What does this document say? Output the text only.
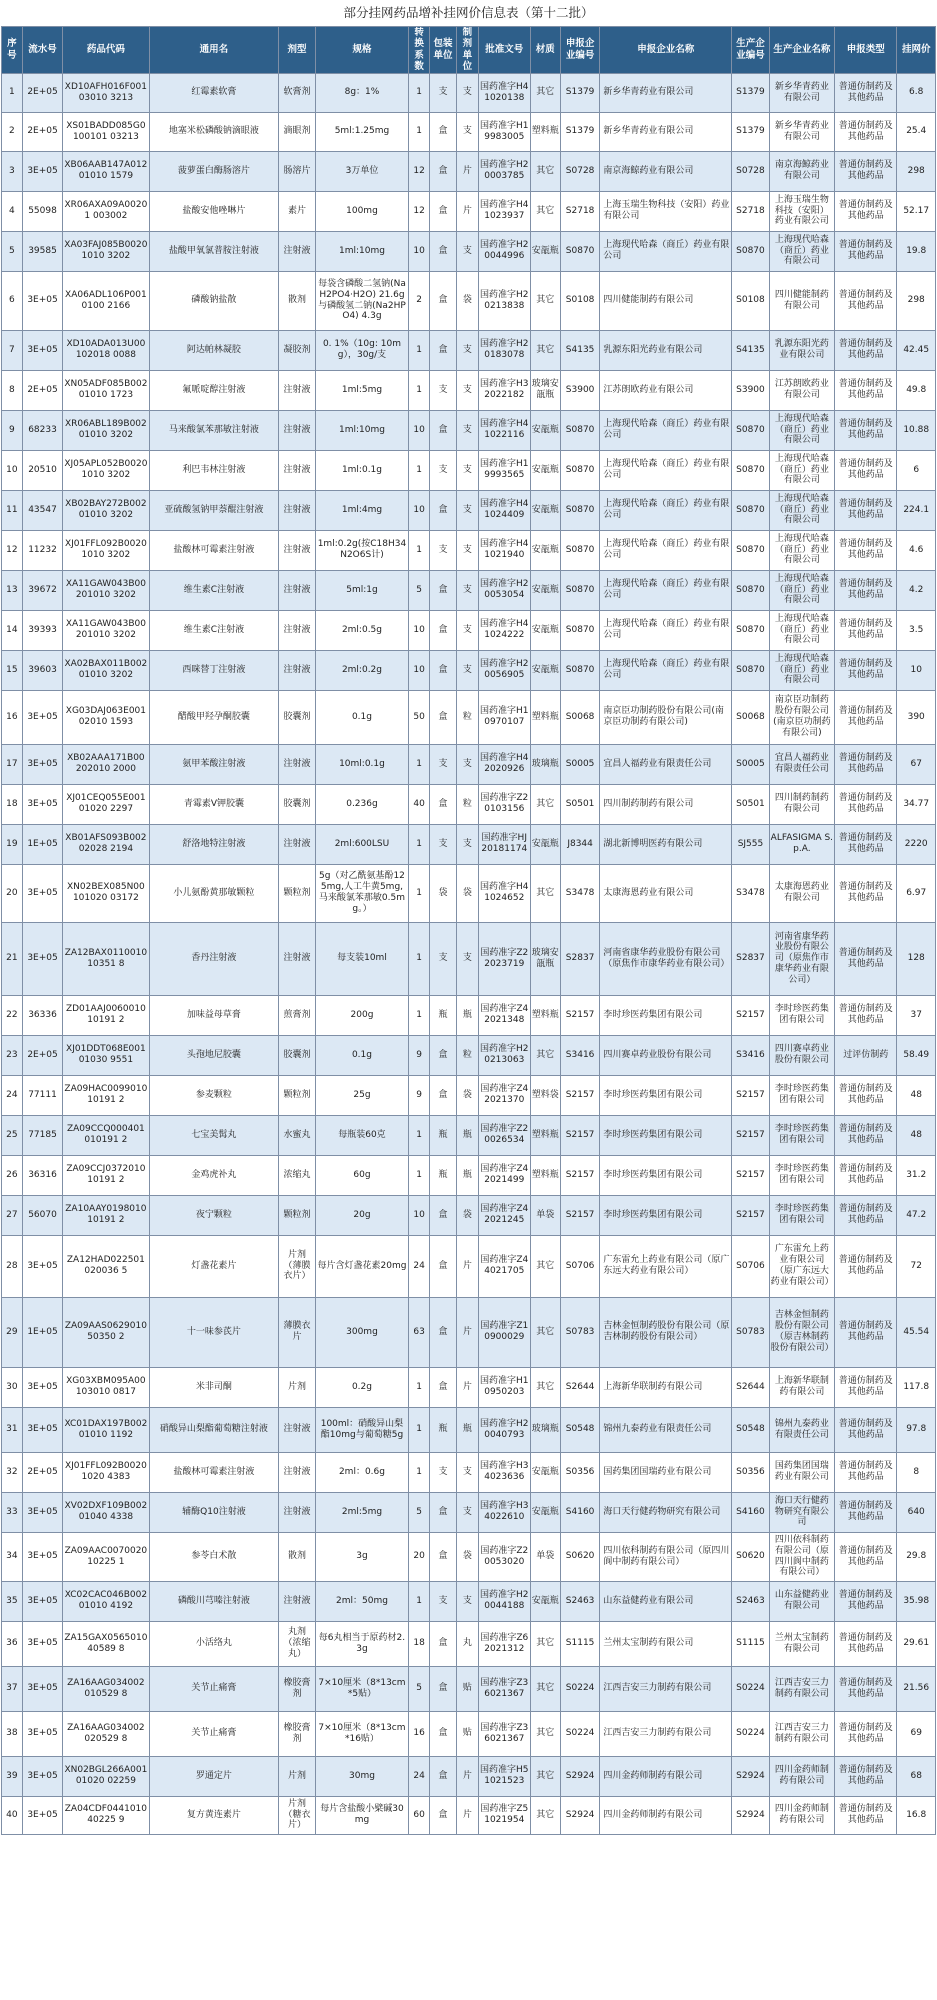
部分挂网药品增补挂网价信息表（第十二批）
序号	流水号	药品代码	通用名	剂型	规格	转换系数	包装单位	制剂单位	批准文号	材质	申报企业编号	申报企业名称	生产企业编号	生产企业名称	申报类型	挂网价
1	2E+05	XD10AFH016F00103010 3213	红霉素软膏	软膏剂	8g：1%	1	支	支	国药准字H41020138	其它	S1379	新乡华青药业有限公司	S1379	新乡华青药业有限公司	普通仿制药及其他药品	6.8
2	2E+05	XS01BADD085G0100101 03213	地塞米松磷酸钠滴眼液	滴眼剂	5ml:1.25mg	1	盒	支	国药准字H19983005	塑料瓶	S1379	新乡华青药业有限公司	S1379	新乡华青药业有限公司	普通仿制药及其他药品	25.4
3	3E+05	XB06AAB147A01201010 1579	菠萝蛋白酶肠溶片	肠溶片	3万单位	12	盒	片	国药准字H20003785	其它	S0728	南京海鲸药业有限公司	S0728	南京海鲸药业有限公司	普通仿制药及其他药品	298
4	55098	XR06AXA09A00201 003002	盐酸安他唑啉片	素片	100mg	12	盒	片	国药准字H41023937	其它	S2718	上海玉瑞生物科技（安阳）药业有限公司	S2718	上海玉瑞生物科技（安阳）药业有限公司	普通仿制药及其他药品	52.17
5	39585	XA03FAJ085B00201010 3202	盐酸甲氧氯普胺注射液	注射液	1ml:10mg	10	盒	支	国药准字H20044996	安瓿瓶	S0870	上海现代哈森（商丘）药业有限公司	S0870	上海现代哈森（商丘）药业有限公司	普通仿制药及其他药品	19.8
6	3E+05	XA06ADL106P0010100 2166	磷酸钠盐散	散剂	每袋含磷酸二氢钠(NaH2PO4·H2O) 21.6g与磷酸氢二钠(Na2HPO4) 4.3g	2	盒	袋	国药准字H20213838	其它	S0108	四川健能制药有限公司	S0108	四川健能制药有限公司	普通仿制药及其他药品	298
7	3E+05	XD10ADA013U00102018 0088	阿达帕林凝胶	凝胶剂	0. 1%（10g: 10mg），30g/支	1	盒	支	国药准字H20183078	其它	S4135	乳源东阳光药业有限公司	S4135	乳源东阳光药业有限公司	普通仿制药及其他药品	42.45
8	2E+05	XN05ADF085B00201010 1723	氟哌啶醇注射液	注射液	1ml:5mg	1	支	支	国药准字H32022182	玻璃安瓿瓶	S3900	江苏朗欧药业有限公司	S3900	江苏朗欧药业有限公司	普通仿制药及其他药品	49.8
9	68233	XR06ABL189B00201010 3202	马来酸氯苯那敏注射液	注射液	1ml:10mg	10	盒	支	国药准字H41022116	安瓿瓶	S0870	上海现代哈森（商丘）药业有限公司	S0870	上海现代哈森（商丘）药业有限公司	普通仿制药及其他药品	10.88
10	20510	XJ05APL052B00201010 3202	利巴韦林注射液	注射液	1ml:0.1g	1	支	支	国药准字H19993565	安瓿瓶	S0870	上海现代哈森（商丘）药业有限公司	S0870	上海现代哈森（商丘）药业有限公司	普通仿制药及其他药品	6
11	43547	XB02BAY272B00201010 3202	亚硫酸氢钠甲萘醌注射液	注射液	1ml:4mg	10	盒	支	国药准字H41024409	安瓿瓶	S0870	上海现代哈森（商丘）药业有限公司	S0870	上海现代哈森（商丘）药业有限公司	普通仿制药及其他药品	224.1
12	11232	XJ01FFL092B00201010 3202	盐酸林可霉素注射液	注射液	1ml:0.2g(按C18H34N2O6S计)	1	支	支	国药准字H41021940	安瓿瓶	S0870	上海现代哈森（商丘）药业有限公司	S0870	上海现代哈森（商丘）药业有限公司	普通仿制药及其他药品	4.6
13	39672	XA11GAW043B00201010 3202	维生素C注射液	注射液	5ml:1g	5	盒	支	国药准字H20053054	安瓿瓶	S0870	上海现代哈森（商丘）药业有限公司	S0870	上海现代哈森（商丘）药业有限公司	普通仿制药及其他药品	4.2
14	39393	XA11GAW043B00201010 3202	维生素C注射液	注射液	2ml:0.5g	10	盒	支	国药准字H41024222	安瓿瓶	S0870	上海现代哈森（商丘）药业有限公司	S0870	上海现代哈森（商丘）药业有限公司	普通仿制药及其他药品	3.5
15	39603	XA02BAX011B00201010 3202	西咪替丁注射液	注射液	2ml:0.2g	10	盒	支	国药准字H20056905	安瓿瓶	S0870	上海现代哈森（商丘）药业有限公司	S0870	上海现代哈森（商丘）药业有限公司	普通仿制药及其他药品	10
16	3E+05	XG03DAJ063E00102010 1593	醋酸甲羟孕酮胶囊	胶囊剂	0.1g	50	盒	粒	国药准字H10970107	塑料瓶	S0068	南京臣功制药股份有限公司(南京臣功制药有限公司)	S0068	南京臣功制药股份有限公司(南京臣功制药有限公司)	普通仿制药及其他药品	390
17	3E+05	XB02AAA171B00202010 2000	氨甲苯酸注射液	注射液	10ml:0.1g	1	支	支	国药准字H42020926	玻璃瓶	S0005	宜昌人福药业有限责任公司	S0005	宜昌人福药业有限责任公司	普通仿制药及其他药品	67
18	3E+05	XJ01CEQ055E00101020 2297	青霉素V钾胶囊	胶囊剂	0.236g	40	盒	粒	国药准字Z20103156	其它	S0501	四川制药制药有限公司	S0501	四川制药制药有限公司	普通仿制药及其他药品	34.77
19	1E+05	XB01AFS093B00202028 2194	舒洛地特注射液	注射液	2ml:600LSU	1	支	支	国药准字HJ20181174	安瓿瓶	J8344	湖北新博明医药有限公司	SJ555	ALFASIGMA S.p.A.	普通仿制药及其他药品	2220
20	3E+05	XN02BEX085N00101020 03172	小儿氨酚黄那敏颗粒	颗粒剂	5g（对乙酰氨基酚125mg,人工牛黄5mg,马来酸氯苯那敏0.5mg。）	1	袋	袋	国药准字H41024652	其它	S3478	太康海恩药业有限公司	S3478	太康海恩药业有限公司	普通仿制药及其他药品	6.97
21	3E+05	ZA12BAX011001010351 8	香丹注射液	注射液	每支装10ml	1	支	支	国药准字Z22023719	玻璃安瓿瓶	S2837	河南省康华药业股份有限公司（原焦作市康华药业有限公司）	S2837	河南省康华药业股份有限公司（原焦作市康华药业有限公司）	普通仿制药及其他药品	128
22	36336	ZD01AAJ006001010191 2	加味益母草膏	煎膏剂	200g	1	瓶	瓶	国药准字Z42021348	塑料瓶	S2157	李时珍医药集团有限公司	S2157	李时珍医药集团有限公司	普通仿制药及其他药品	37
23	2E+05	XJ01DDT068E00101030 9551	头孢地尼胶囊	胶囊剂	0.1g	9	盒	粒	国药准字H20213063	其它	S3416	四川赛卓药业股份有限公司	S3416	四川赛卓药业股份有限公司	过评仿制药	58.49
24	77111	ZA09HAC009901010191 2	参麦颗粒	颗粒剂	25g	9	盒	袋	国药准字Z42021370	塑料袋	S2157	李时珍医药集团有限公司	S2157	李时珍医药集团有限公司	普通仿制药及其他药品	48
25	77185	ZA09CCQ000401010191 2	七宝美髯丸	水蜜丸	每瓶装60克	1	瓶	瓶	国药准字Z20026534	塑料瓶	S2157	李时珍医药集团有限公司	S2157	李时珍医药集团有限公司	普通仿制药及其他药品	48
26	36316	ZA09CCJ037201010191 2	金鸡虎补丸	浓缩丸	60g	1	瓶	瓶	国药准字Z42021499	塑料瓶	S2157	李时珍医药集团有限公司	S2157	李时珍医药集团有限公司	普通仿制药及其他药品	31.2
27	56070	ZA10AAY019801010191 2	夜宁颗粒	颗粒剂	20g	10	盒	袋	国药准字Z42021245	单袋	S2157	李时珍医药集团有限公司	S2157	李时珍医药集团有限公司	普通仿制药及其他药品	47.2
28	3E+05	ZA12HAD022501020036 5	灯盏花素片	片剂（薄膜衣片）	每片含灯盏花素20mg	24	盒	片	国药准字Z44021705	其它	S0706	广东雷允上药业有限公司（原广东远大药业有限公司）	S0706	广东雷允上药业有限公司（原广东远大药业有限公司）	普通仿制药及其他药品	72
29	1E+05	ZA09AAS062901050350 2	十一味参芪片	薄膜衣片	300mg	63	盒	片	国药准字Z10900029	其它	S0783	吉林金恒制药股份有限公司（原吉林制药股份有限公司）	S0783	吉林金恒制药股份有限公司（原吉林制药股份有限公司）	普通仿制药及其他药品	45.54
30	3E+05	XG03XBM095A00103010 0817	米非司酮	片剂	0.2g	1	盒	片	国药准字H10950203	其它	S2644	上海新华联制药有限公司	S2644	上海新华联制药有限公司	普通仿制药及其他药品	117.8
31	3E+05	XC01DAX197B00201010 1192	硝酸异山梨酯葡萄糖注射液	注射液	100ml：硝酸异山梨酯10mg与葡萄糖5g	1	瓶	瓶	国药准字H20040793	玻璃瓶	S0548	锦州九泰药业有限责任公司	S0548	锦州九泰药业有限责任公司	普通仿制药及其他药品	97.8
32	2E+05	XJ01FFL092B00201020 4383	盐酸林可霉素注射液	注射液	2ml：0.6g	1	支	支	国药准字H34023636	安瓿瓶	S0356	国药集团国瑞药业有限公司	S0356	国药集团国瑞药业有限公司	普通仿制药及其他药品	8
33	3E+05	XV02DXF109B00201040 4338	辅酶Q10注射液	注射液	2ml:5mg	5	盒	支	国药准字H34022610	安瓿瓶	S4160	海口天行健药物研究有限公司	S4160	海口天行健药物研究有限公司	普通仿制药及其他药品	640
34	3E+05	ZA09AAC007002010225 1	参苓白术散	散剂	3g	20	盒	袋	国药准字Z20053020	单袋	S0620	四川依科制药有限公司（原四川阆中制药有限公司）	S0620	四川依科制药有限公司（原四川阆中制药有限公司）	普通仿制药及其他药品	29.8
35	3E+05	XC02CAC046B00201010 4192	磷酸川芎嗪注射液	注射液	2ml：50mg	1	支	支	国药准字H20044188	安瓿瓶	S2463	山东益健药业有限公司	S2463	山东益健药业有限公司	普通仿制药及其他药品	35.98
36	3E+05	ZA15GAX056501040589 8	小活络丸	丸剂（浓缩丸）	每6丸相当于原药材2.3g	18	盒	丸	国药准字Z62021312	其它	S1115	兰州太宝制药有限公司	S1115	兰州太宝制药有限公司	普通仿制药及其他药品	29.61
37	3E+05	ZA16AAG034002010529 8	关节止痛膏	橡胶膏剂	7×10厘米（8*13cm*5贴）	5	盒	贴	国药准字Z36021367	其它	S0224	江西吉安三力制药有限公司	S0224	江西吉安三力制药有限公司	普通仿制药及其他药品	21.56
38	3E+05	ZA16AAG034002020529 8	关节止痛膏	橡胶膏剂	7×10厘米（8*13cm*16贴）	16	盒	贴	国药准字Z36021367	其它	S0224	江西吉安三力制药有限公司	S0224	江西吉安三力制药有限公司	普通仿制药及其他药品	69
39	3E+05	XN02BGL266A00101020 02259	罗通定片	片剂	30mg	24	盒	片	国药准字H51021523	其它	S2924	四川金药师制药有限公司	S2924	四川金药师制药有限公司	普通仿制药及其他药品	68
40	3E+05	ZA04CDF044101040225 9	复方黄连素片	片剂（糖衣片）	每片含盐酸小檗碱30mg	60	盒	片	国药准字Z51021954	其它	S2924	四川金药师制药有限公司	S2924	四川金药师制药有限公司	普通仿制药及其他药品	16.8
